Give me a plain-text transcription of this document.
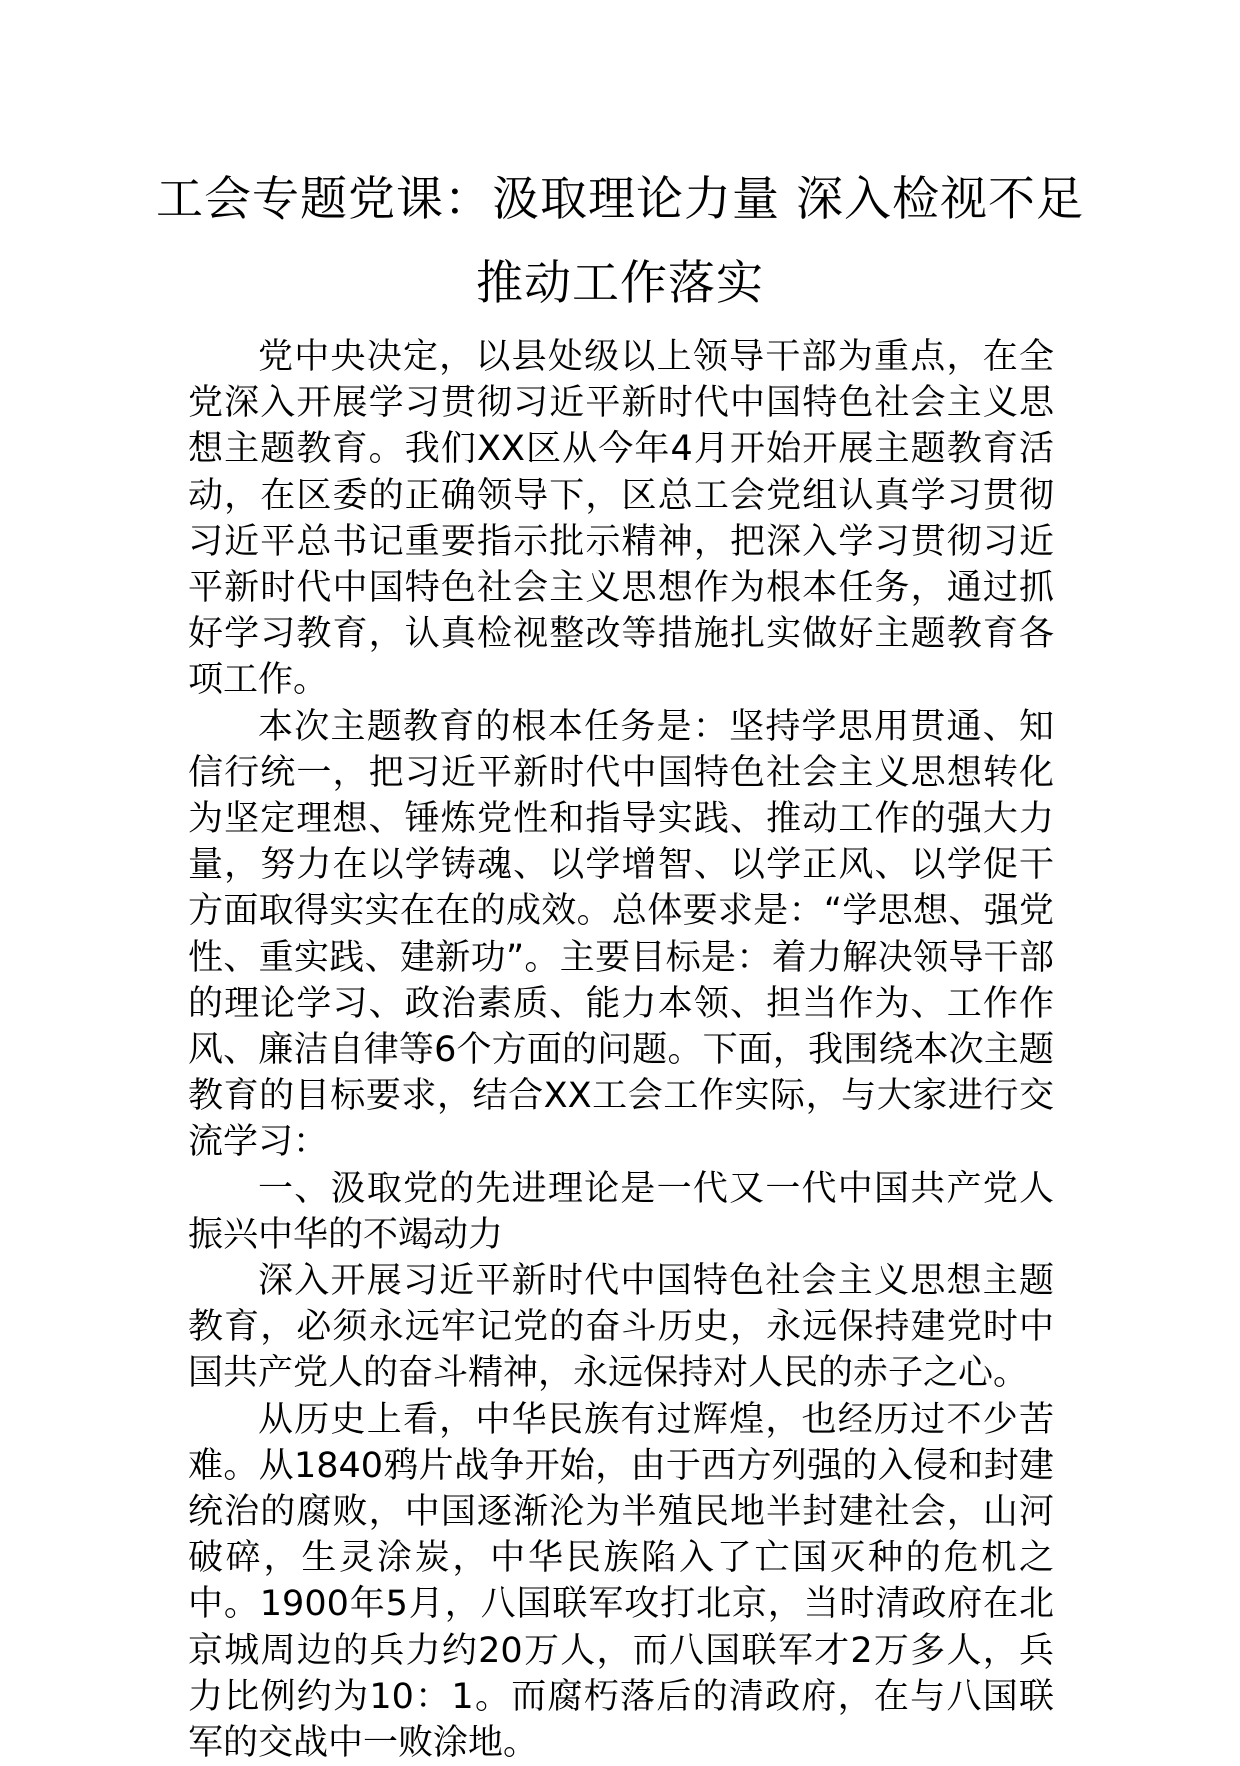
工会专题党课：汲取理论力量 深入检视不足 推动工作落实

党中央决定，以县处级以上领导干部为重点，在全党深入开展学习贯彻习近平新时代中国特色社会主义思想主题教育。我们XX区从今年4月开始开展主题教育活动，在区委的正确领导下，区总工会党组认真学习贯彻习近平总书记重要指示批示精神，把深入学习贯彻习近平新时代中国特色社会主义思想作为根本任务，通过抓好学习教育，认真检视整改等措施扎实做好主题教育各项工作。

本次主题教育的根本任务是：坚持学思用贯通、知信行统一，把习近平新时代中国特色社会主义思想转化为坚定理想、锤炼党性和指导实践、推动工作的强大力量，努力在以学铸魂、以学增智、以学正风、以学促干方面取得实实在在的成效。总体要求是：“学思想、强党性、重实践、建新功”。主要目标是：着力解决领导干部的理论学习、政治素质、能力本领、担当作为、工作作风、廉洁自律等6个方面的问题。下面，我围绕本次主题教育的目标要求，结合XX工会工作实际，与大家进行交流学习：

一、汲取党的先进理论是一代又一代中国共产党人振兴中华的不竭动力

深入开展习近平新时代中国特色社会主义思想主题教育，必须永远牢记党的奋斗历史，永远保持建党时中国共产党人的奋斗精神，永远保持对人民的赤子之心。

从历史上看，中华民族有过辉煌，也经历过不少苦难。从1840鸦片战争开始，由于西方列强的入侵和封建统治的腐败，中国逐渐沦为半殖民地半封建社会，山河破碎，生灵涂炭，中华民族陷入了亡国灭种的危机之中。1900年5月，八国联军攻打北京，当时清政府在北京城周边的兵力约20万人，而八国联军才2万多人，兵力比例约为10：1。而腐朽落后的清政府，在与八国联军的交战中一败涂地。
